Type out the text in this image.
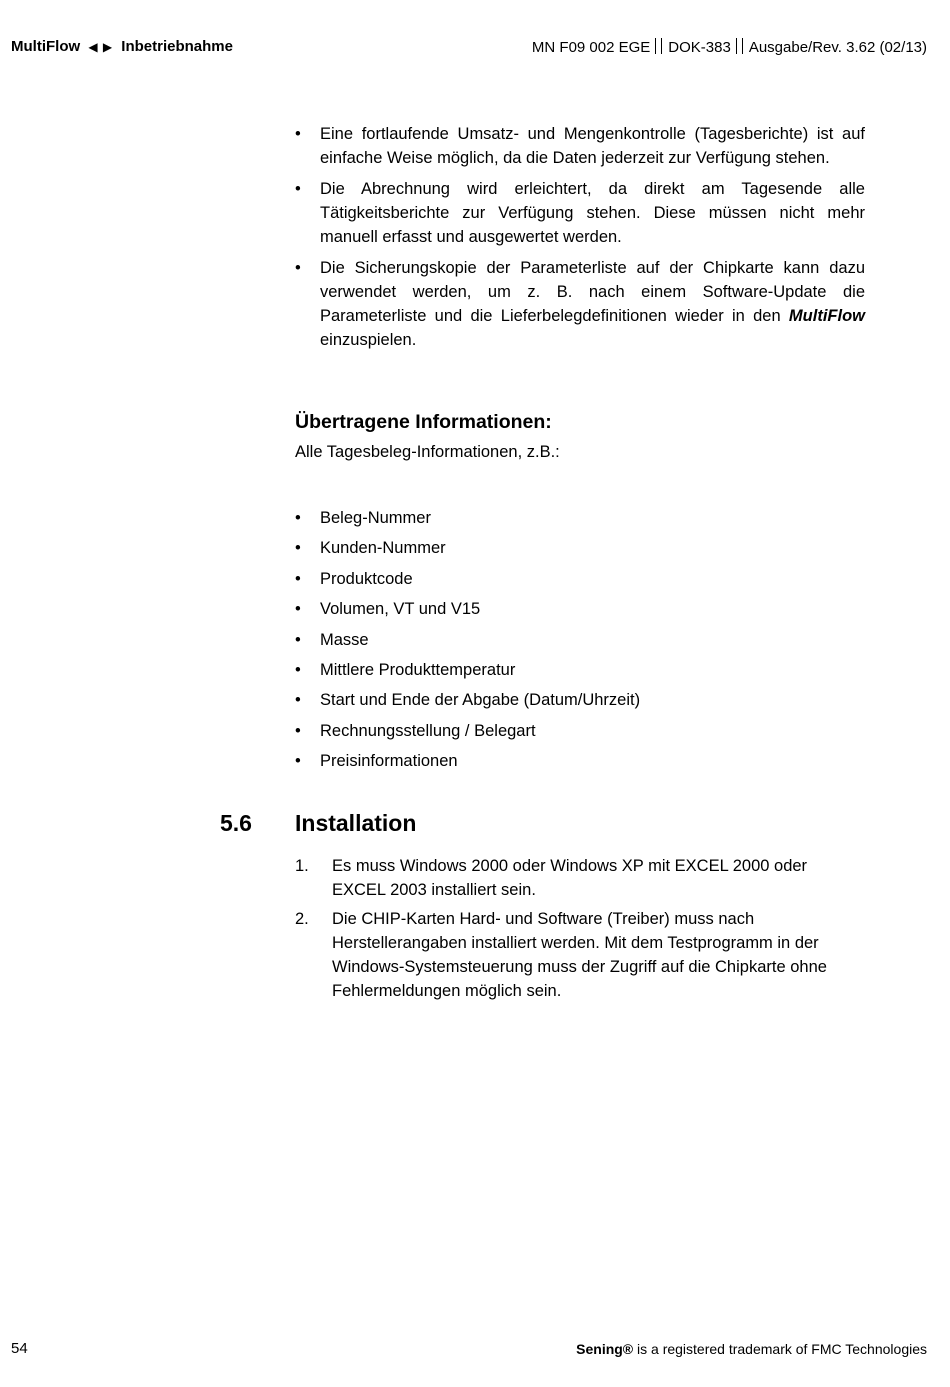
MultiFlow ◀ ▶ Inbetriebnahme	MN F09 002 EGE DOK-383 Ausgabe/Rev. 3.62 (02/13)
• Eine fortlaufende Umsatz- und Mengenkontrolle (Tagesberichte) ist auf einfache Weise möglich, da die Daten jederzeit zur Verfügung stehen.
• Die Abrechnung wird erleichtert, da direkt am Tagesende alle Tätigkeitsberichte zur Verfügung stehen. Diese müssen nicht mehr manuell erfasst und ausgewertet werden.
• Die Sicherungskopie der Parameterliste auf der Chipkarte kann dazu verwendet werden, um z. B. nach einem Software-Update die Parameterliste und die Lieferbelegdefinitionen wieder in den MultiFlow einzuspielen.
Übertragene Informationen:

Alle Tagesbeleg-Informationen, z.B.:

• Beleg-Nummer
• Kunden-Nummer
• Produktcode
• Volumen, VT und V15
• Masse
• Mittlere Produkttemperatur
• Start und Ende der Abgabe (Datum/Uhrzeit)
• Rechnungsstellung / Belegart
• Preisinformationen
5.6 Installation
1. Es muss Windows 2000 oder Windows XP mit EXCEL 2000 oder EXCEL 2003 installiert sein.
2. Die CHIP-Karten Hard- und Software (Treiber) muss nach Herstellerangaben installiert werden. Mit dem Testprogramm in der Windows-Systemsteuerung muss der Zugriff auf die Chipkarte ohne Fehlermeldungen möglich sein.
54	Sening® is a registered trademark of FMC Technologies
